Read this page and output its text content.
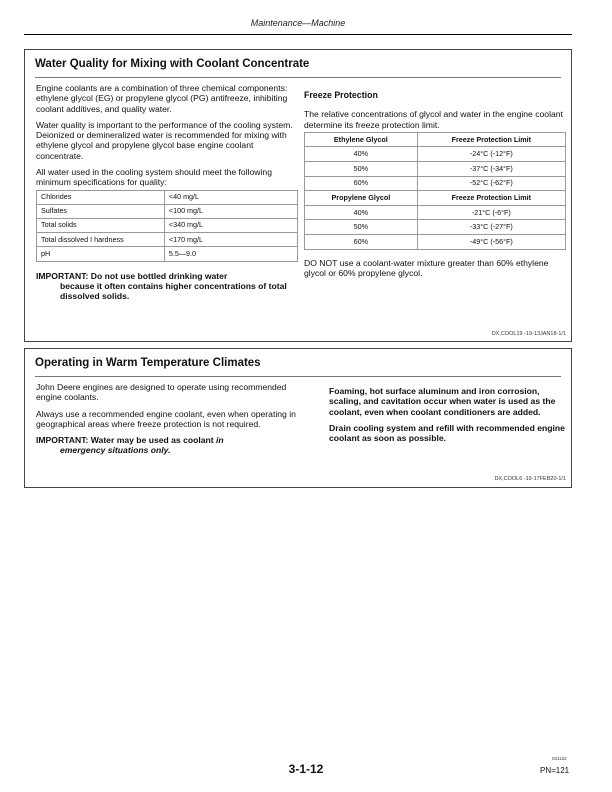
Maintenance—Machine
Water Quality for Mixing with Coolant Concentrate

Engine coolants are a combination of three chemical components: ethylene glycol (EG) or propylene glycol (PG) antifreeze, inhibiting coolant additives, and quality water.

Water quality is important to the performance of the cooling system. Deionized or demineralized water is recommended for mixing with ethylene glycol and propylene glycol base engine coolant concentrate.

All water used in the cooling system should meet the following minimum specifications for quality:

Chlorides	<40 mg/L
Sulfates	<100 mg/L
Total solids	<340 mg/L
Total dissolved I hardness	<170 mg/L
pH	5.5—9.0
IMPORTANT: Do not use bottled drinking water
because it often contains higher concentrations of total dissolved solids.
Freeze Protection

The relative concentrations of glycol and water in the engine coolant determine its freeze protection limit.

Ethylene Glycol	Freeze Protection Limit
40%	-24°C (-12°F)
50%	-37°C (-34°F)
60%	-52°C (-62°F)
Propylene Glycol	Freeze Protection Limit
40%	-21°C (-6°F)
50%	-33°C (-27°F)
60%	-49°C (-56°F)

DO NOT use a coolant-water mixture greater than 60% ethylene glycol or 60% propylene glycol.

DX,COOL19 -19-13JAN18-1/1
Operating in Warm Temperature Climates

John Deere engines are designed to operate using recommended engine coolants.

Always use a recommended engine coolant, even when operating in geographical areas where freeze protection is not required.

IMPORTANT: Water may be used as coolant in
emergency situations only.

Foaming, hot surface aluminum and iron corrosion, scaling, and cavitation occur when water is used as the coolant, even when coolant conditioners are added.

Drain cooling system and refill with recommended engine coolant as soon as possible.

DX,COOL6 -19-17FEB20-1/1
3-1-12
031122
PN=121
